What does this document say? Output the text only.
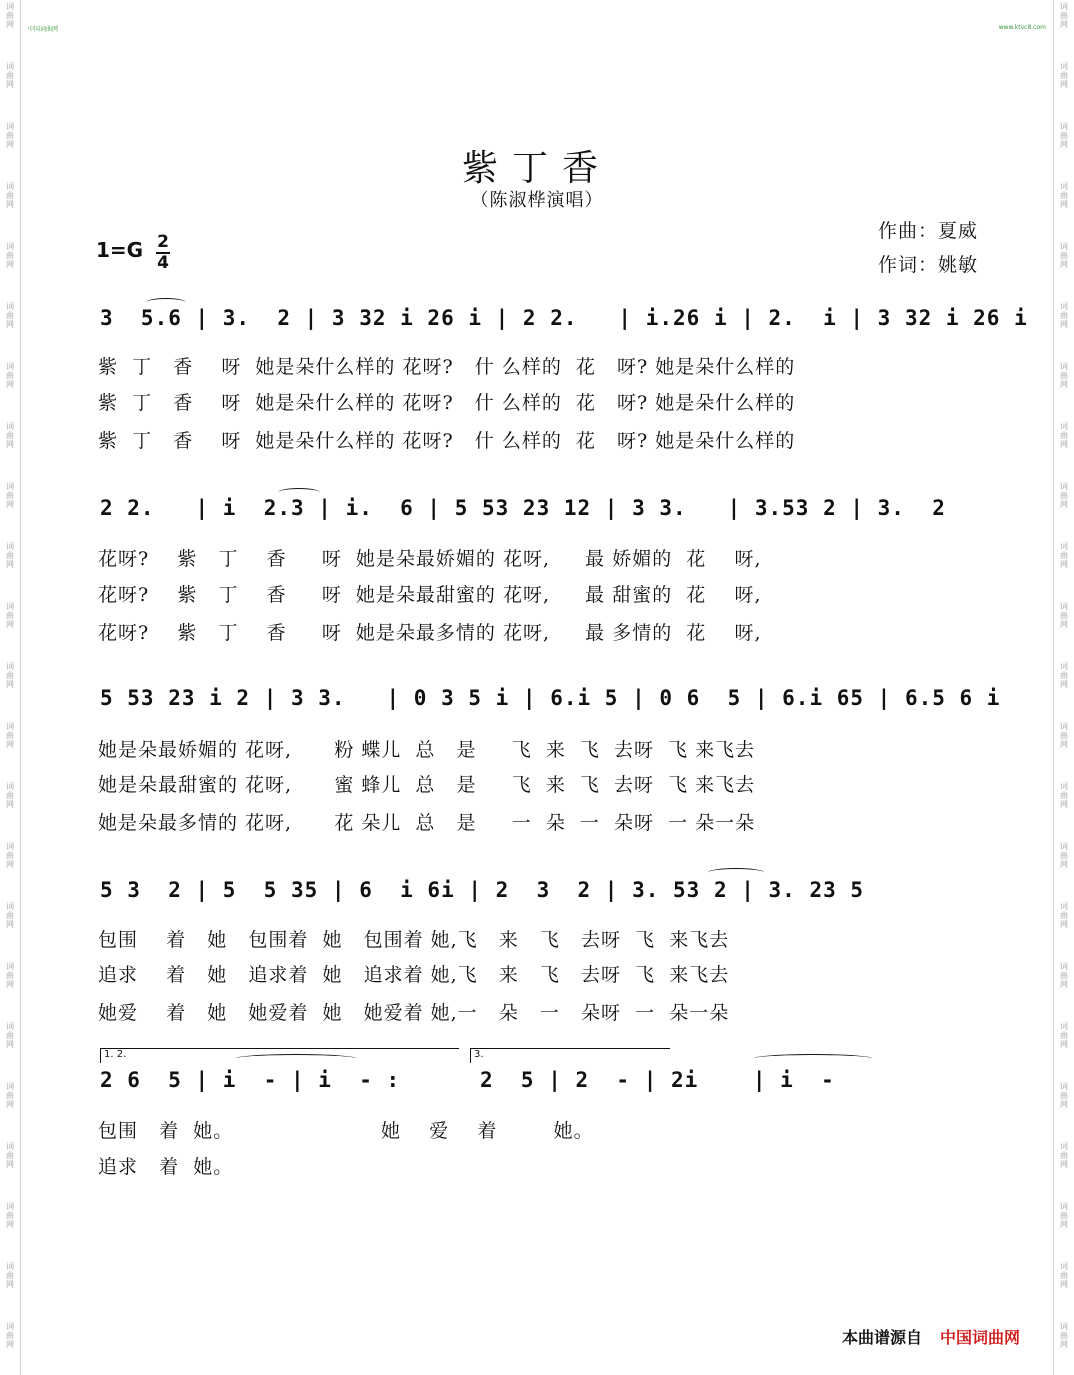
词
曲
网
词
曲
网
词
曲
网
词
曲
网
词
曲
网
词
曲
网
词
曲
网
词
曲
网
词
曲
网
词
曲
网
词
曲
网
词
曲
网
词
曲
网
词
曲
网
词
曲
网
词
曲
网
词
曲
网
词
曲
网
词
曲
网
词
曲
网
词
曲
网
词
曲
网
词
曲
网
词
曲
网
词
曲
网
词
曲
网
词
曲
网
词
曲
网
词
曲
网
词
曲
网
词
曲
网
词
曲
网
词
曲
网
词
曲
网
词
曲
网
词
曲
网
词
曲
网
词
曲
网
词
曲
网
词
曲
网
词
曲
网
词
曲
网
词
曲
网
词
曲
网
词
曲
网
词
曲
网
中国词曲网	www.ktvc8.com
紫丁香
（陈淑桦演唱）
作曲：夏威
作词：姚敏
1=G 2
4
3  5.6 | 3.  2 | 3 32 i 26 i | 2 2.   | i.26 i | 2.  i | 3 32 i 26 i
紫  丁   香    呀  她是朵什么样的 花呀?   什 么样的  花   呀? 她是朵什么样的
紫  丁   香    呀  她是朵什么样的 花呀?   什 么样的  花   呀? 她是朵什么样的
紫  丁   香    呀  她是朵什么样的 花呀?   什 么样的  花   呀? 她是朵什么样的
2 2.   | i  2.3 | i.  6 | 5 53 23 12 | 3 3.   | 3.53 2 | 3.  2
花呀?    紫   丁    香     呀  她是朵最娇媚的 花呀,     最 娇媚的  花    呀,
花呀?    紫   丁    香     呀  她是朵最甜蜜的 花呀,     最 甜蜜的  花    呀,
花呀?    紫   丁    香     呀  她是朵最多情的 花呀,     最 多情的  花    呀,
5 53 23 i 2 | 3 3.   | 0 3 5 i | 6.i 5 | 0 6  5 | 6.i 65 | 6.5 6 i
她是朵最娇媚的 花呀,      粉 蝶儿  总   是     飞  来  飞  去呀  飞 来飞去
她是朵最甜蜜的 花呀,      蜜 蜂儿  总   是     飞  来  飞  去呀  飞 来飞去
她是朵最多情的 花呀,      花 朵儿  总   是     一  朵  一  朵呀  一 朵一朵
5 3  2 | 5  5 35 | 6  i 6i | 2  3  2 | 3. 53 2 | 3. 23 5
包围    着   她   包围着  她   包围着 她,飞   来   飞   去呀  飞  来飞去
追求    着   她   追求着  她   追求着 她,飞   来   飞   去呀  飞  来飞去
她爱    着   她   她爱着  她   她爱着 她,一   朵   一   朵呀  一  朵一朵
1. 2.	3.
2 6  5 | i  - | i  - :	2  5 | 2  - | 2i    | i  -
包围   着  她。                     她    爱    着        她。
追求   着  她。
本曲谱源自 中国词曲网
